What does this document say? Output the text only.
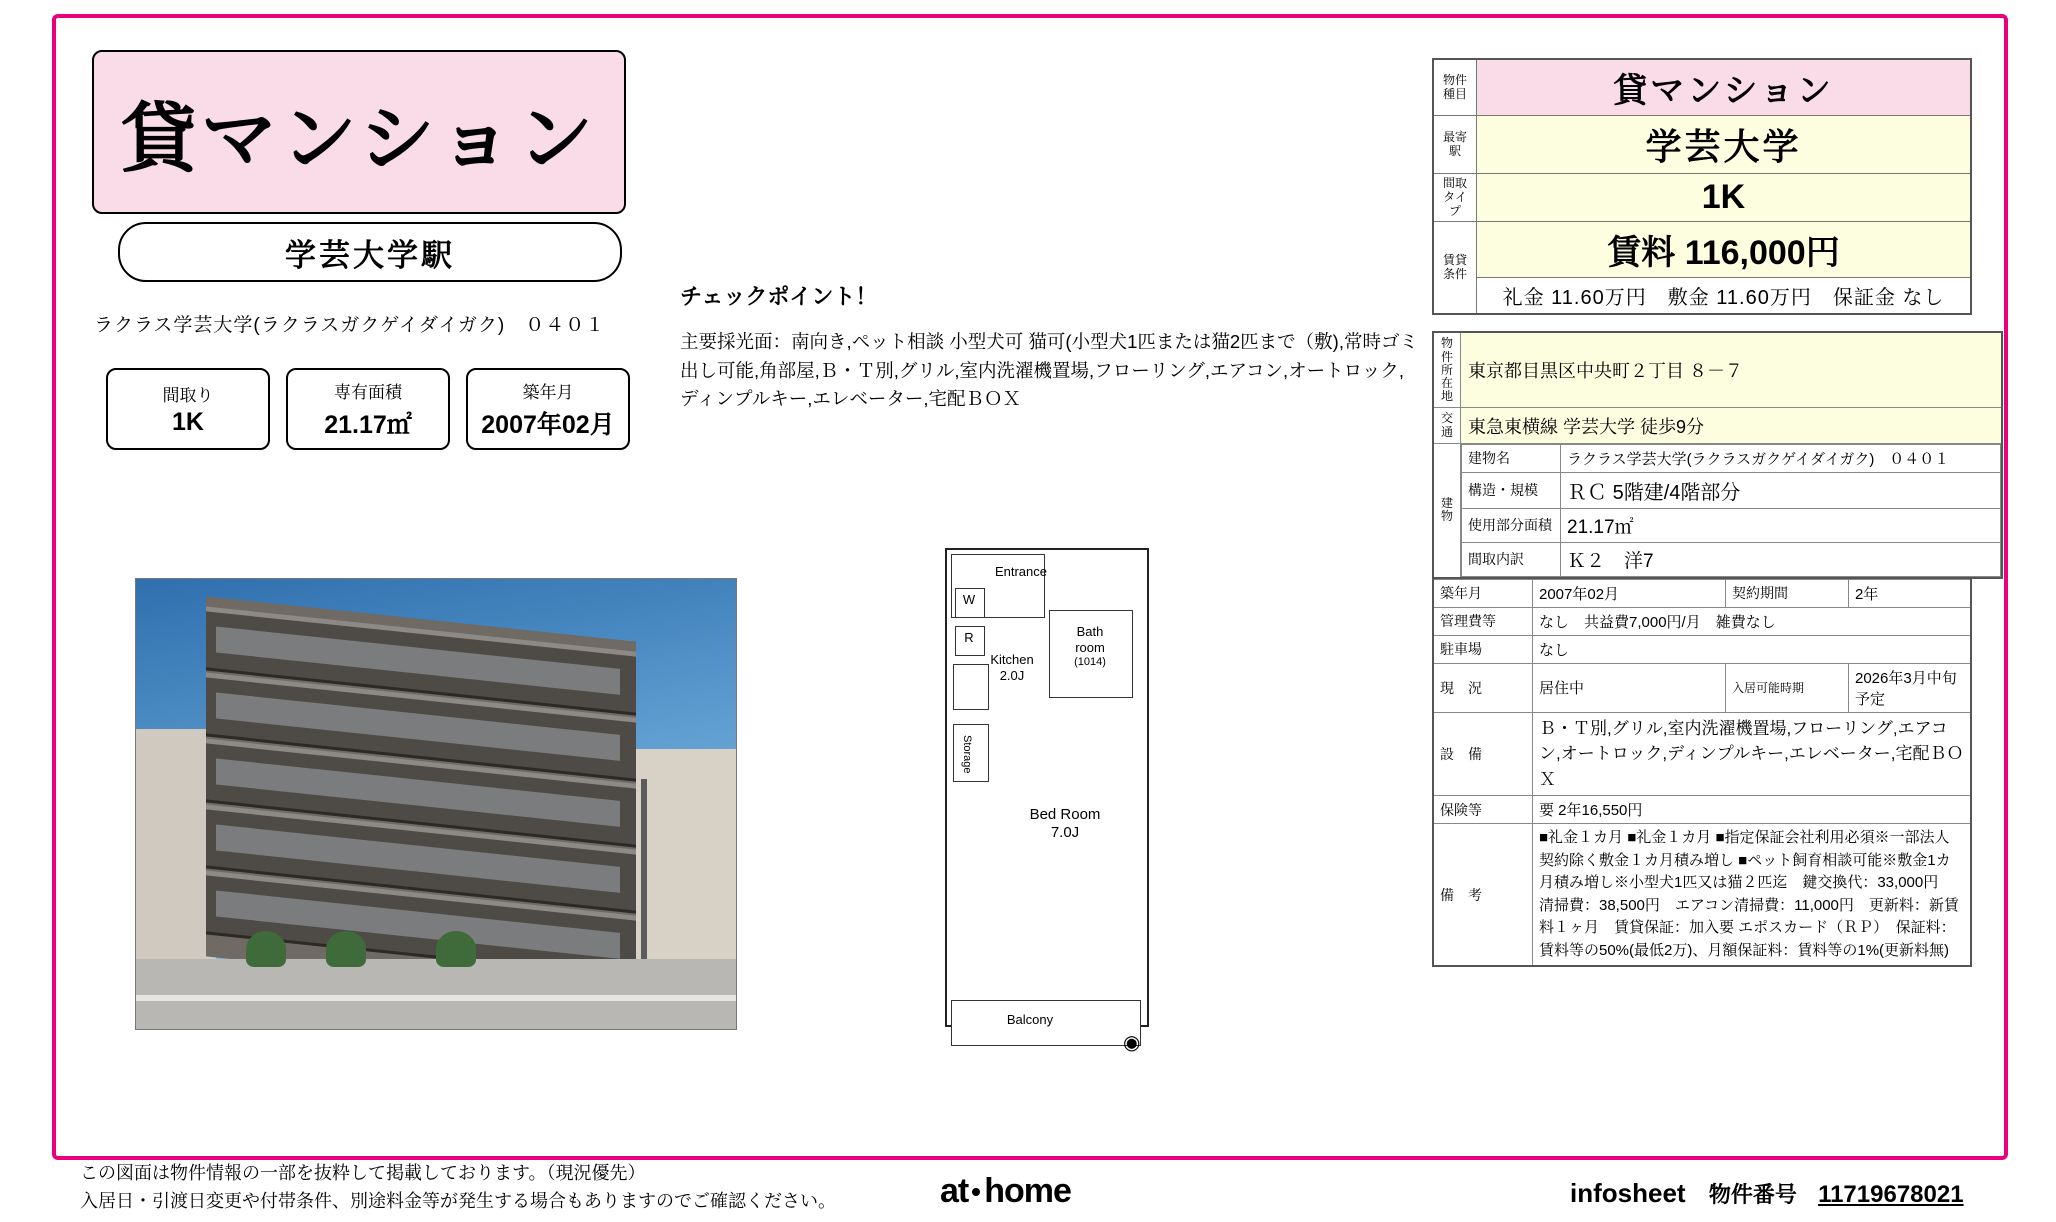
貸マンション
学芸大学駅
ラクラス学芸大学(ラクラスガクゲイダイガク)　０４０１
間取り
1K
専有面積
21.17㎡
築年月
2007年02月
チェックポイント！
主要採光面：南向き,ペット相談 小型犬可 猫可(小型犬1匹または猫2匹まで（敷),常時ゴミ出し可能,角部屋,Ｂ・Ｔ別,グリル,室内洗濯機置場,フローリング,エアコン,オートロック,ディンプルキー,エレベーター,宅配ＢＯＸ
Entrance
W
R
Kitchen
2.0J
Bath
room
(1014)
Storage
Bed Room
7.0J
Balcony
◉
物件種目	貸マンション
最寄駅	学芸大学
間取タイプ	1K
賃貸条件	賃料 116,000円
	礼金 11.60万円　敷金 11.60万円　保証金 なし
物件所在地	東京都目黒区中央町２丁目 ８－７
交通	東急東横線 学芸大学 徒歩9分
建物	
建物名	ラクラス学芸大学(ラクラスガクゲイダイガク)　０４０１
構造・規模	ＲＣ 5階建/4階部分
使用部分面積	21.17㎡
間取内訳	Ｋ２　洋7
築年月	2007年02月	契約期間	2年
管理費等	なし　共益費7,000円/月　雑費なし		
駐車場	なし		
現　況	居住中	入居可能時期	2026年3月中旬予定
設　備	Ｂ・Ｔ別,グリル,室内洗濯機置場,フローリング,エアコン,オートロック,ディンプルキー,エレベーター,宅配ＢＯＸ		
保険等	要 2年16,550円		
備　考	■礼金１カ月 ■礼金１カ月 ■指定保証会社利用必須※一部法人契約除く敷金１カ月積み増し ■ペット飼育相談可能※敷金1カ月積み増し※小型犬1匹又は猫２匹迄　鍵交換代：33,000円　清掃費：38,500円　エアコン清掃費：11,000円　更新料：新賃料１ヶ月　賃貸保証：加入要 エポスカード（ＲＰ）　保証料：賃料等の50%(最低2万)、月額保証料：賃料等の1%(更新料無)		
この図面は物件情報の一部を抜粋して掲載しております。（現況優先）
入居日・引渡日変更や付帯条件、別途料金等が発生する場合もありますのでご確認ください。	at home	infosheet 物件番号 11719678021
